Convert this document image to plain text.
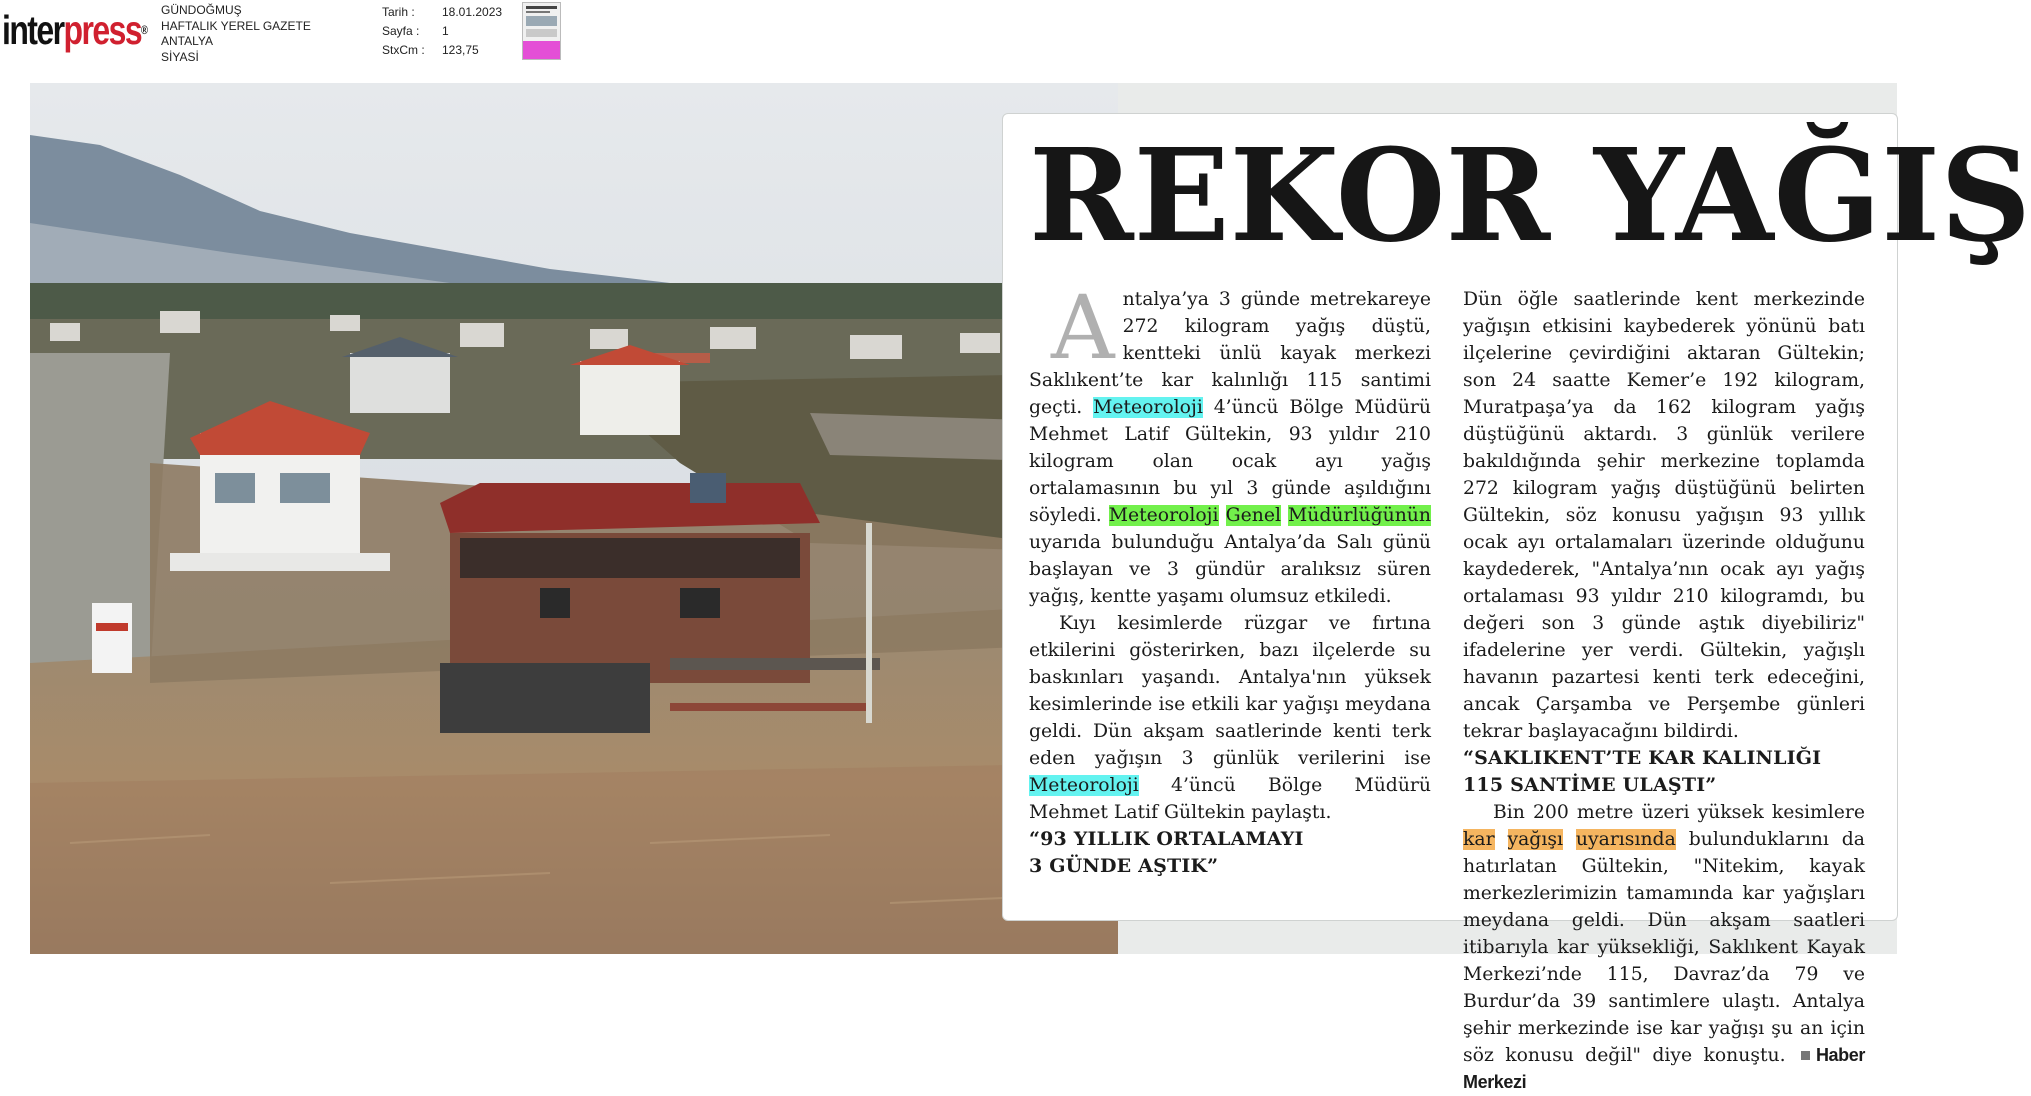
interpress®
GÜNDOĞMUŞ
HAFTALIK YEREL GAZETE
ANTALYA
SİYASİ
Tarih :	18.01.2023
Sayfa :	1
StxCm :	123,75
REKOR YAĞIŞ

Antalya’ya 3 günde metrekareye 272 kilogram yağış düştü, kentteki ünlü kayak merkezi Saklıkent’te kar kalınlığı 115 santimi geçti. Meteoroloji 4’üncü Bölge Müdürü Mehmet Latif Gültekin, 93 yıldır 210 kilogram olan ocak ayı yağış ortalamasının bu yıl 3 günde aşıldığını söyledi. Meteoroloji Genel Müdürlüğünün uyarıda bulunduğu Antalya’da Salı günü başlayan ve 3 gündür aralıksız süren yağış, kentte yaşamı olumsuz etkiledi.

Kıyı kesimlerde rüzgar ve fırtına etkilerini gösterirken, bazı ilçelerde su baskınları yaşandı. Antalya'nın yüksek kesimlerinde ise etkili kar yağışı meydana geldi. Dün akşam saatlerinde kenti terk eden yağışın 3 günlük verilerini ise Meteoroloji 4’üncü Bölge Müdürü Mehmet Latif Gültekin paylaştı.

“93 YILLIK ORTALAMAYI
3 GÜNDE AŞTIK”

Dün öğle saatlerinde kent merkezinde yağışın etkisini kaybederek yönünü batı ilçelerine çevirdiğini aktaran Gültekin; son 24 saatte Kemer’e 192 kilogram, Muratpaşa’ya da 162 kilogram yağış düştüğünü aktardı. 3 günlük verilere bakıldığında şehir merkezine toplamda 272 kilogram yağış düştüğünü belirten Gültekin, söz konusu yağışın 93 yıllık ocak ayı ortalamaları üzerinde olduğunu kaydederek, "Antalya’nın ocak ayı yağış ortalaması 93 yıldır 210 kilogramdı, bu değeri son 3 günde aştık diyebiliriz" ifadelerine yer verdi. Gültekin, yağışlı havanın pazartesi kenti terk edeceğini, ancak Çarşamba ve Perşembe günleri tekrar başlayacağını bildirdi.

“SAKLIKENT’TE KAR KALINLIĞI
115 SANTİME ULAŞTI”

Bin 200 metre üzeri yüksek kesimlere kar yağışı uyarısında bulunduklarını da hatırlatan Gültekin, "Nitekim, kayak merkezlerimizin tamamında kar yağışları meydana geldi. Dün akşam saatleri itibarıyla kar yüksekliği, Saklıkent Kayak Merkezi’nde 115, Davraz’da 79 ve Burdur’da 39 santimlere ulaştı. Antalya şehir merkezinde ise kar yağışı şu an için söz konusu değil" diye konuştu. Haber Merkezi
